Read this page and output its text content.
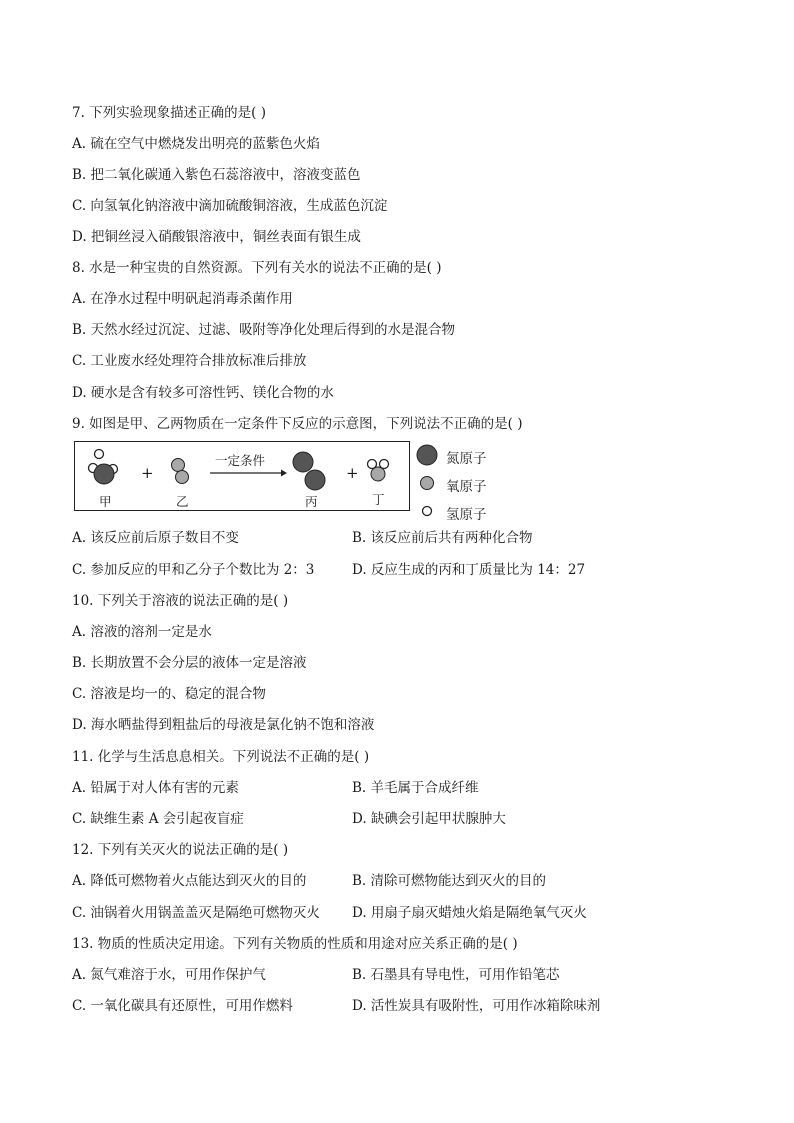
7. 下列实验现象描述正确的是( )
A. 硫在空气中燃烧发出明亮的蓝紫色火焰
B. 把二氧化碳通入紫色石蕊溶液中，溶液变蓝色
C. 向氢氧化钠溶液中滴加硫酸铜溶液，生成蓝色沉淀
D. 把铜丝浸入硝酸银溶液中，铜丝表面有银生成
8. 水是一种宝贵的自然资源。下列有关水的说法不正确的是( )
A. 在净水过程中明矾起消毒杀菌作用
B. 天然水经过沉淀、过滤、吸附等净化处理后得到的水是混合物
C. 工业废水经处理符合排放标准后排放
D. 硬水是含有较多可溶性钙、镁化合物的水
9. 如图是甲、乙两物质在一定条件下反应的示意图，下列说法不正确的是( )
一定条件
+	+
甲	乙	丙	丁
氮原子
氧原子
氢原子
A. 该反应前后原子数目不变	B. 该反应前后共有两种化合物
C. 参加反应的甲和乙分子个数比为 2：3	D. 反应生成的丙和丁质量比为 14：27
10. 下列关于溶液的说法正确的是( )
A. 溶液的溶剂一定是水
B. 长期放置不会分层的液体一定是溶液
C. 溶液是均一的、稳定的混合物
D. 海水晒盐得到粗盐后的母液是氯化钠不饱和溶液
11. 化学与生活息息相关。下列说法不正确的是( )
A. 铅属于对人体有害的元素	B. 羊毛属于合成纤维
C. 缺维生素 A 会引起夜盲症	D. 缺碘会引起甲状腺肿大
12. 下列有关灭火的说法正确的是( )
A. 降低可燃物着火点能达到灭火的目的	B. 清除可燃物能达到灭火的目的
C. 油锅着火用锅盖盖灭是隔绝可燃物灭火 D. 用扇子扇灭蜡烛火焰是隔绝氧气灭火
13. 物质的性质决定用途。下列有关物质的性质和用途对应关系正确的是( )
A. 氮气难溶于水，可用作保护气	B. 石墨具有导电性，可用作铅笔芯
C. 一氧化碳具有还原性，可用作燃料	D. 活性炭具有吸附性，可用作冰箱除味剂
